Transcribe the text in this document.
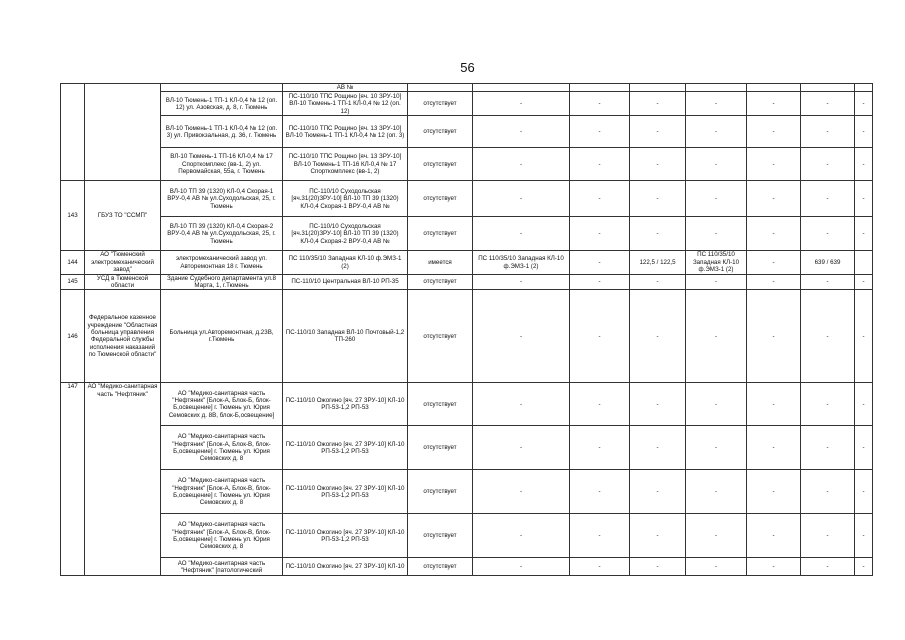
56
			АВ №								
		ВЛ-10 Тюмень-1 ТП-1 КЛ-0,4 № 12 (оп. 12) ул. Азовская, д. 8, г. Тюмень	ПС-110/10 ТПС Рощино [яч. 10 ЗРУ-10] ВЛ-10 Тюмень-1 ТП-1 КЛ-0,4 № 12 (оп. 12)	отсутствует	-	-	-	-	-	-	-
		ВЛ-10 Тюмень-1 ТП-1 КЛ-0,4 № 12 (оп. 3) ул. Привокзальная, д. 36, г. Тюмень	ПС-110/10 ТПС Рощино [яч. 13 ЗРУ-10] ВЛ-10 Тюмень-1 ТП-1 КЛ-0,4 № 12 (оп. 3)	отсутствует	-	-	-	-	-	-	-
		ВЛ-10 Тюмень-1 ТП-16 КЛ-0,4 № 17 Спорткомплекс (вв-1, 2) ул. Первомайская, 55а, г. Тюмень	ПС-110/10 ТПС Рощино [яч. 13 ЗРУ-10] ВЛ-10 Тюмень-1 ТП-16 КЛ-0,4 № 17 Спорткомплекс (вв-1, 2)	отсутствует	-	-	-	-	-	-	-
143	ГБУЗ ТО "ССМП"	ВЛ-10 ТП 39 (1320) КЛ-0,4 Скорая-1 ВРУ-0,4 АВ № ул.Суходольская, 25, г. Тюмень	ПС-110/10 Суходольская [яч.31(20)ЗРУ-10] ВЛ-10 ТП 39 (1320) КЛ-0,4 Скорая-1 ВРУ-0,4 АВ №	отсутствует	-	-	-	-	-	-	-
		ВЛ-10 ТП 39 (1320) КЛ-0,4 Скорая-2 ВРУ-0,4 АВ № ул.Суходольская, 25, г. Тюмень	ПС-110/10 Суходольская [яч.31(20)ЗРУ-10] ВЛ-10 ТП 39 (1320) КЛ-0,4 Скорая-2 ВРУ-0,4 АВ №	отсутствует	-	-	-	-	-	-	-
144	АО "Тюменский электромеханический завод"	электромеханический завод ул. Авторемонтная 18 г. Тюмень	ПС 110/35/10 Западная КЛ-10 ф.ЭМЗ-1 (2)	имеется	ПС 110/35/10 Западная КЛ-10 ф.ЭМЗ-1 (2)	-	122,5 / 122,5	ПС 110/35/10 Западная КЛ-10 ф.ЭМЗ-1 (2)	-	639 / 639	
145	УСД в Тюменской области	Здание Судебного департамента ул.8 Марта, 1, г.Тюмень	ПС-110/10 Центральная ВЛ-10 РП-35	отсутствует	-	-	-	-	-	-	-
146	Федеральное казенное учреждение "Областная больница управления Федеральной службы исполнения наказаний по Тюменской области"	Больница ул.Авторемонтная, д.23В, г.Тюмень	ПС-110/10 Западная ВЛ-10 Почтовый-1,2 ТП-260	отсутствует	-	-	-	-	-	-	-
147	АО "Медико-санитарная часть "Нефтяник"	АО "Медико-санитарная часть "Нефтяник" [Блок-А, Блок-Б, блок-Б,освещение] г. Тюмень ул. Юрия Семовских д. 8В, блок-Б,освещение]	ПС-110/10 Ожогино [яч. 27 ЗРУ-10] КЛ-10 РП-53-1,2 РП-53	отсутствует	-	-	-	-	-	-	-
		АО "Медико-санитарная часть "Нефтяник" [Блок-А, Блок-В, блок-Б,освещение] г. Тюмень ул. Юрия Семовских д. 8	ПС-110/10 Ожогино [яч. 27 ЗРУ-10] КЛ-10 РП-53-1,2 РП-53	отсутствует	-	-	-	-	-	-	-
		АО "Медико-санитарная часть "Нефтяник" [Блок-А, Блок-В, блок-Б,освещение] г. Тюмень ул. Юрия Семовских д. 8	ПС-110/10 Ожогино [яч. 27 ЗРУ-10] КЛ-10 РП-53-1,2 РП-53	отсутствует	-	-	-	-	-	-	-
		АО "Медико-санитарная часть "Нефтяник" [Блок-А, Блок-В, блок-Б,освещение] г. Тюмень ул. Юрия Семовских д. 8	ПС-110/10 Ожогино [яч. 27 ЗРУ-10] КЛ-10 РП-53-1,2 РП-53	отсутствует	-	-	-	-	-	-	-
		АО "Медико-санитарная часть "Нефтяник" [патологический	ПС-110/10 Ожогино [яч. 27 ЗРУ-10] КЛ-10	отсутствует	-	-	-	-	-	-	-
